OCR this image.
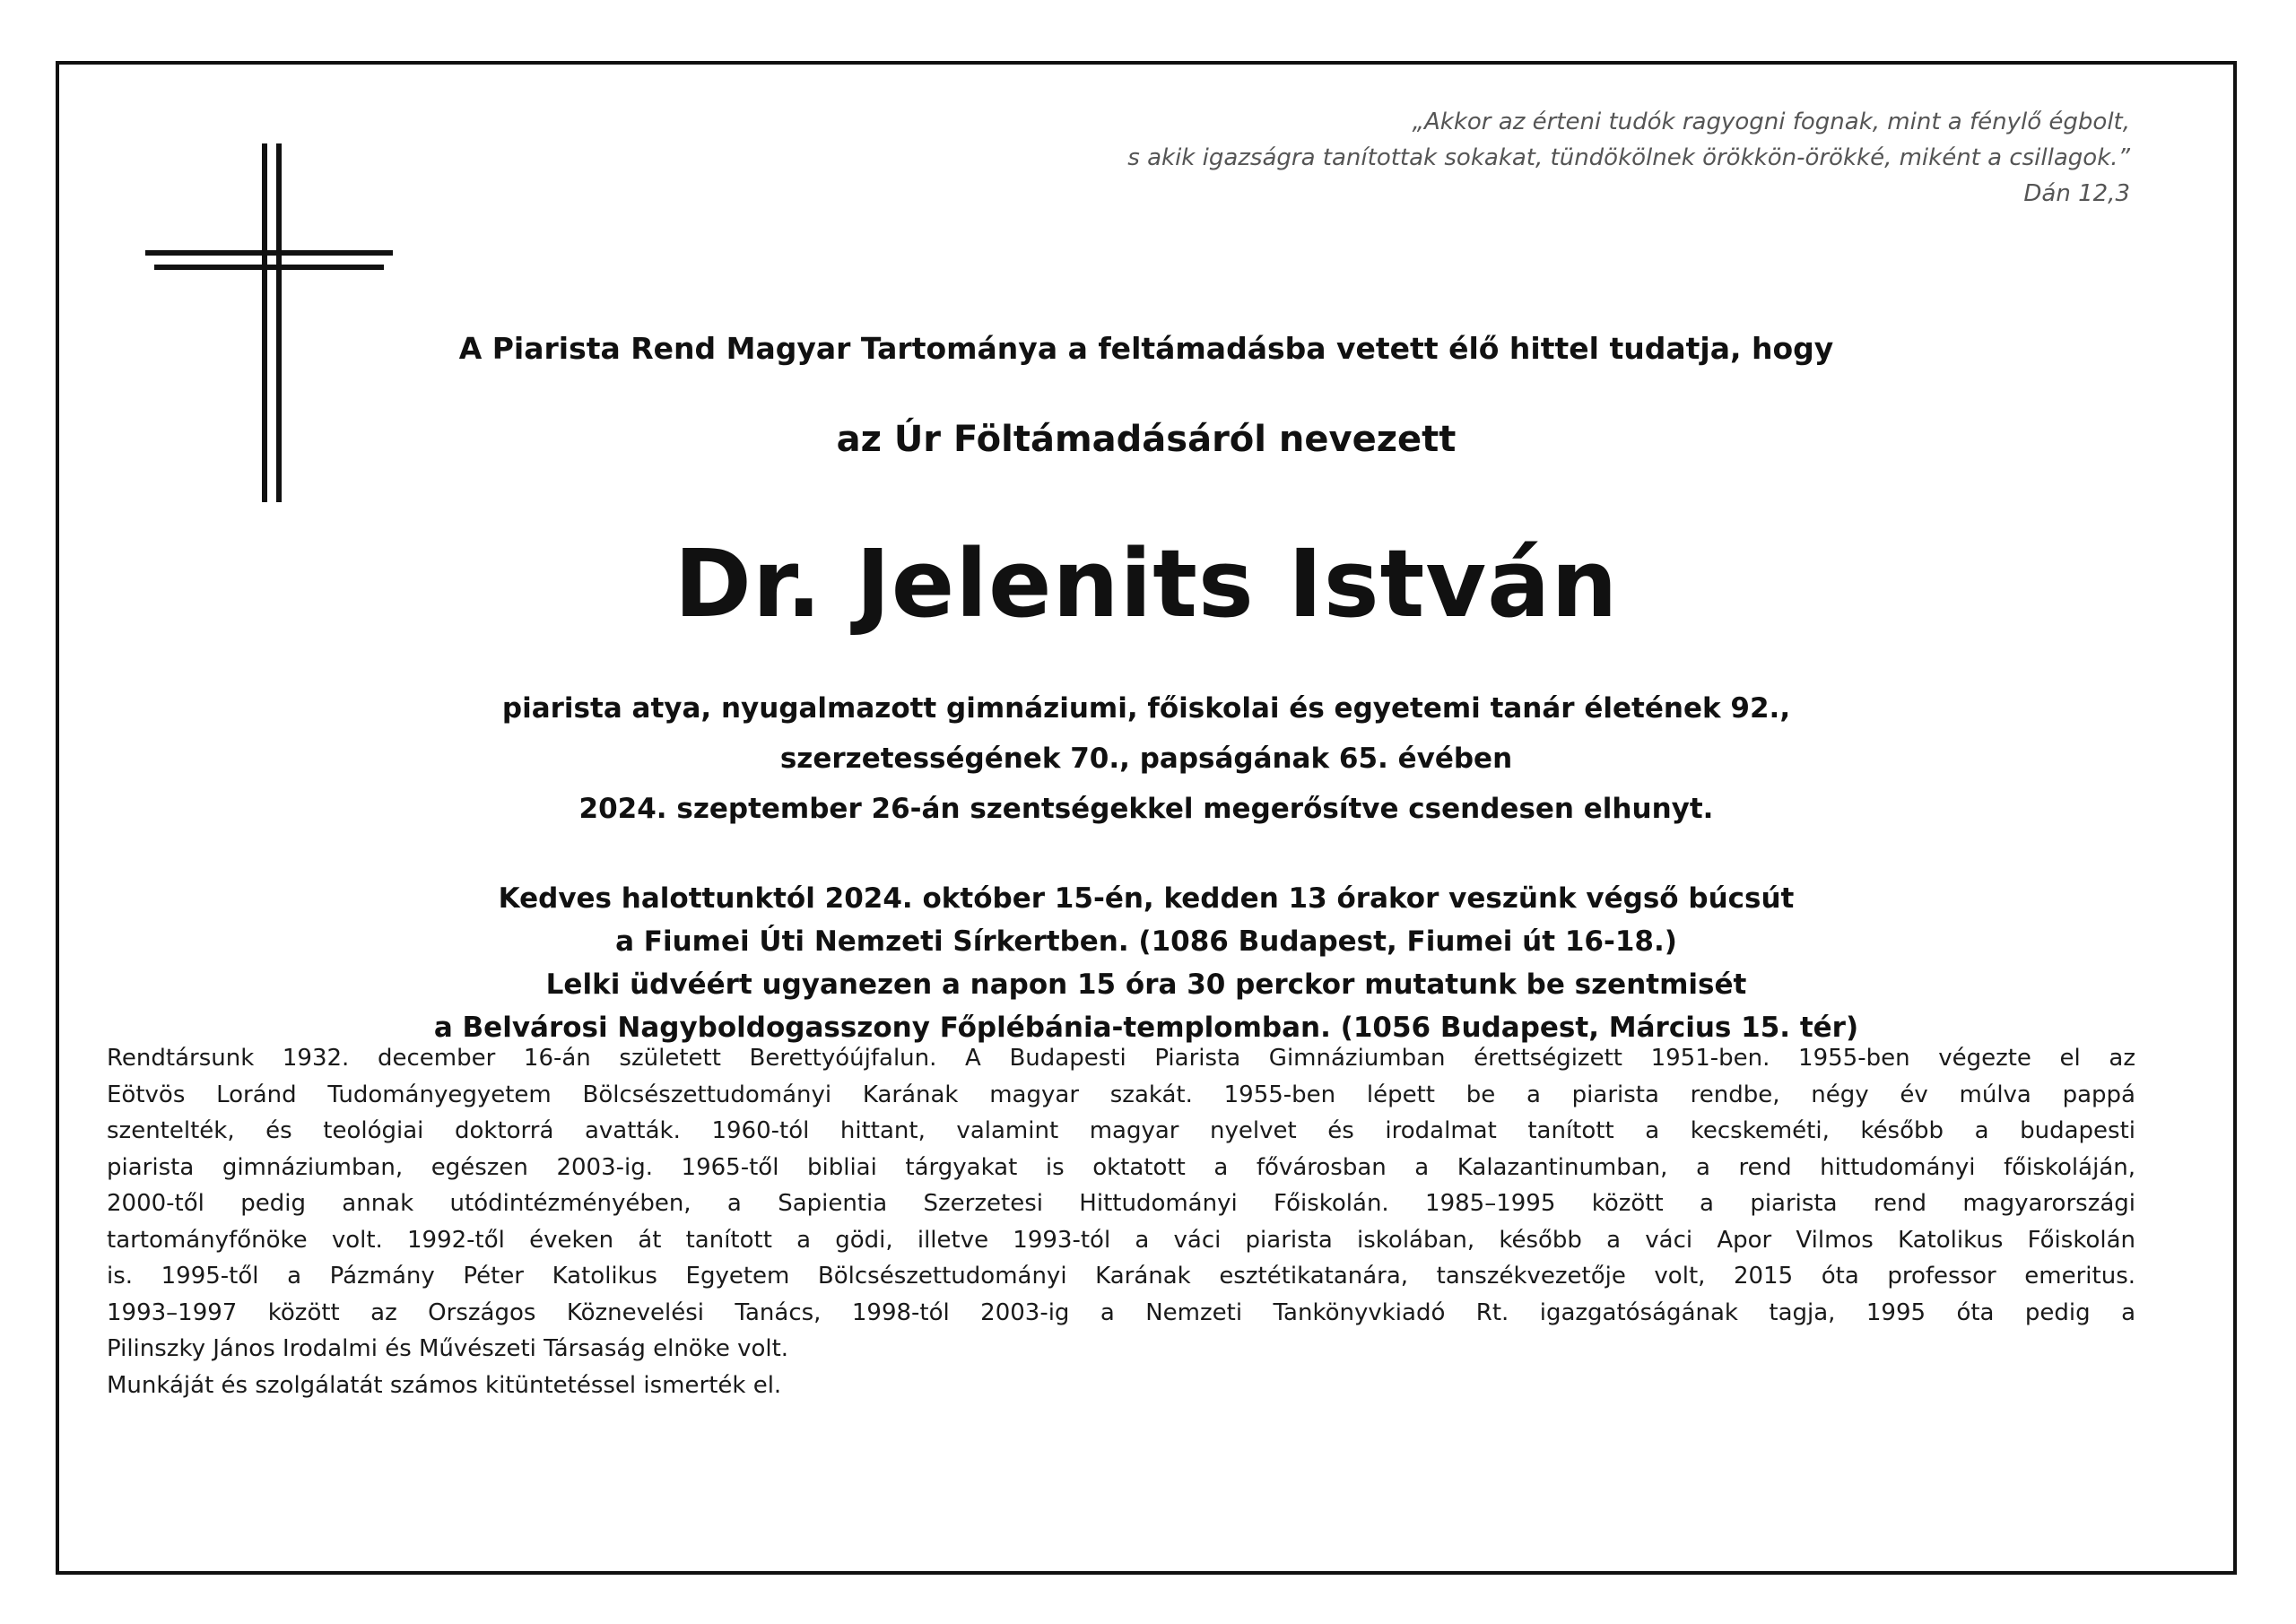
„Akkor az érteni tudók ragyogni fognak, mint a fénylő égbolt,
s akik igazságra tanítottak sokakat, tündökölnek örökkön-örökké, miként a csillagok.”
Dán 12,3
A Piarista Rend Magyar Tartománya a feltámadásba vetett élő hittel tudatja, hogy
az Úr Föltámadásáról nevezett
Dr. Jelenits István
piarista atya, nyugalmazott gimnáziumi, főiskolai és egyetemi tanár életének 92.,
szerzetességének 70., papságának 65. évében
2024. szeptember 26-án szentségekkel megerősítve csendesen elhunyt.
Kedves halottunktól 2024. október 15-én, kedden 13 órakor veszünk végső búcsút
a Fiumei Úti Nemzeti Sírkertben. (1086 Budapest, Fiumei út 16-18.)
Lelki üdvéért ugyanezen a napon 15 óra 30 perckor mutatunk be szentmisét
a Belvárosi Nagyboldogasszony Főplébánia-templomban. (1056 Budapest, Március 15. tér)
Rendtársunk 1932. december 16-án született Berettyóújfalun. A Budapesti Piarista Gimnáziumban érettségizett 1951-ben. 1955-ben végezte el az
Eötvös Loránd Tudományegyetem Bölcsészettudományi Karának magyar szakát. 1955-ben lépett be a piarista rendbe, négy év múlva pappá
szentelték, és teológiai doktorrá avatták. 1960-tól hittant, valamint magyar nyelvet és irodalmat tanított a kecskeméti, később a budapesti
piarista gimnáziumban, egészen 2003-ig. 1965-től bibliai tárgyakat is oktatott a fővárosban a Kalazantinumban, a rend hittudományi főiskoláján,
2000-től pedig annak utódintézményében, a Sapientia Szerzetesi Hittudományi Főiskolán. 1985–1995 között a piarista rend magyarországi
tartományfőnöke volt. 1992-től éveken át tanított a gödi, illetve 1993-tól a váci piarista iskolában, később a váci Apor Vilmos Katolikus Főiskolán
is. 1995-től a Pázmány Péter Katolikus Egyetem Bölcsészettudományi Karának esztétikatanára, tanszékvezetője volt, 2015 óta professor emeritus.
1993–1997 között az Országos Köznevelési Tanács, 1998-tól 2003-ig a Nemzeti Tankönyvkiadó Rt. igazgatóságának tagja, 1995 óta pedig a
Pilinszky János Irodalmi és Művészeti Társaság elnöke volt.
Munkáját és szolgálatát számos kitüntetéssel ismerték el.
